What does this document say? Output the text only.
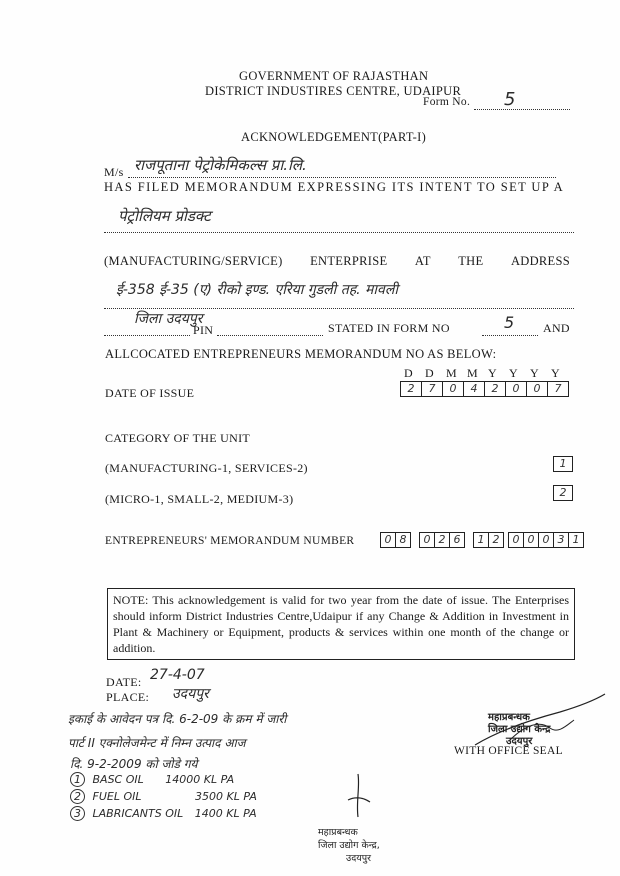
GOVERNMENT OF RAJASTHAN
DISTRICT INDUSTIRES CENTRE, UDAIPUR
Form No. 5
ACKNOWLEDGEMENT(PART-I)
M/s राजपूताना पेट्रोकेमिकल्स प्रा.लि.
HAS FILED MEMORANDUM EXPRESSING ITS INTENT TO SET UP A
पेट्रोलियम प्रोडक्ट
(MANUFACTURING/SERVICE) ENTERPRISE AT THE ADDRESS
ई-358 ई-35 (ए) रीको इण्ड. एरिया गुडली तह. मावली
जिला उदयपुर
PIN	STATED IN FORM NO	5 AND
ALLCOCATED ENTREPRENEURS MEMORANDUM NO AS BELOW:
D	D	M M Y	Y	Y	Y
DATE OF ISSUE	2	7	0	4	2	0	0	7
CATEGORY OF THE UNIT
(MANUFACTURING-1, SERVICES-2)	1
(MICRO-1, SMALL-2, MEDIUM-3)	2
ENTREPRENEURS' MEMORANDUM NUMBER	0 8	0 2 6	1 2	0 0 0 3 1
NOTE: This acknowledgement is valid for two year from the date of issue. The Enterprises should inform District Industries Centre,Udaipur if any Change & Addition in Investment in Plant & Machinery or Equipment, products & services within one month of the change or addition.
DATE: 27-4-07
PLACE: उदयपुर
WITH OFFICE SEAL
महाप्रबन्धक
जिला उद्योग केन्द्र
उदयपुर
इकाई के आवेदन पत्र दि. 6-2-09 के क्रम में जारी
पार्ट II एक्नोलेजमेन्ट में निम्न उत्पाद आज
दि. 9-2-2009 को जोडे गये
1 BASC OIL 14000 KL PA
2 FUEL OIL	3500 KL PA
3 LABRICANTS OIL 1400 KL PA
महाप्रबन्धक
जिला उद्योग केन्द्र,
उदयपुर
